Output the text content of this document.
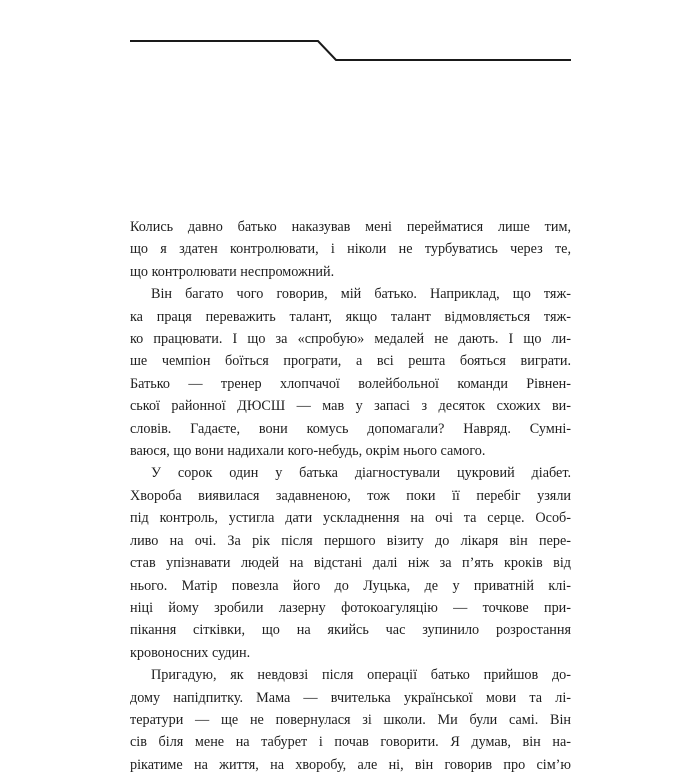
Колись давно батько наказував мені перейматися лише тим,
що я здатен контролювати, і ніколи не турбуватись через те,
що контролювати неспроможний.
Він багато чого говорив, мій батько. Наприклад, що тяж-
ка праця переважить талант, якщо талант відмовляється тяж-
ко працювати. І що за «спробую» медалей не дають. І що ли-
ше чемпіон боїться програти, а всі решта бояться виграти.
Батько — тренер хлопчачої волейбольної команди Рівнен-
ської районної ДЮСШ — мав у запасі з десяток схожих ви-
словів. Гадаєте, вони комусь допомагали? Навряд. Сумні-
ваюся, що вони надихали кого-небудь, окрім нього самого.
У сорок один у батька діагностували цукровий діабет.
Хвороба виявилася задавненою, тож поки її перебіг узяли
під контроль, устигла дати ускладнення на очі та серце. Особ-
ливо на очі. За рік після першого візиту до лікаря він пере-
став упізнавати людей на відстані далі ніж за п’ять кроків від
нього. Матір повезла його до Луцька, де у приватній клі-
ніці йому зробили лазерну фотокоагуляцію — точкове при-
пікання сітківки, що на якийсь час зупинило розростання
кровоносних судин.
Пригадую, як невдовзі після операції батько прийшов до-
дому напідпитку. Мама — вчителька української мови та лі-
тератури — ще не повернулася зі школи. Ми були самі. Він
сів біля мене на табурет і почав говорити. Я думав, він на-
рікатиме на життя, на хворобу, але ні, він говорив про сім’ю
